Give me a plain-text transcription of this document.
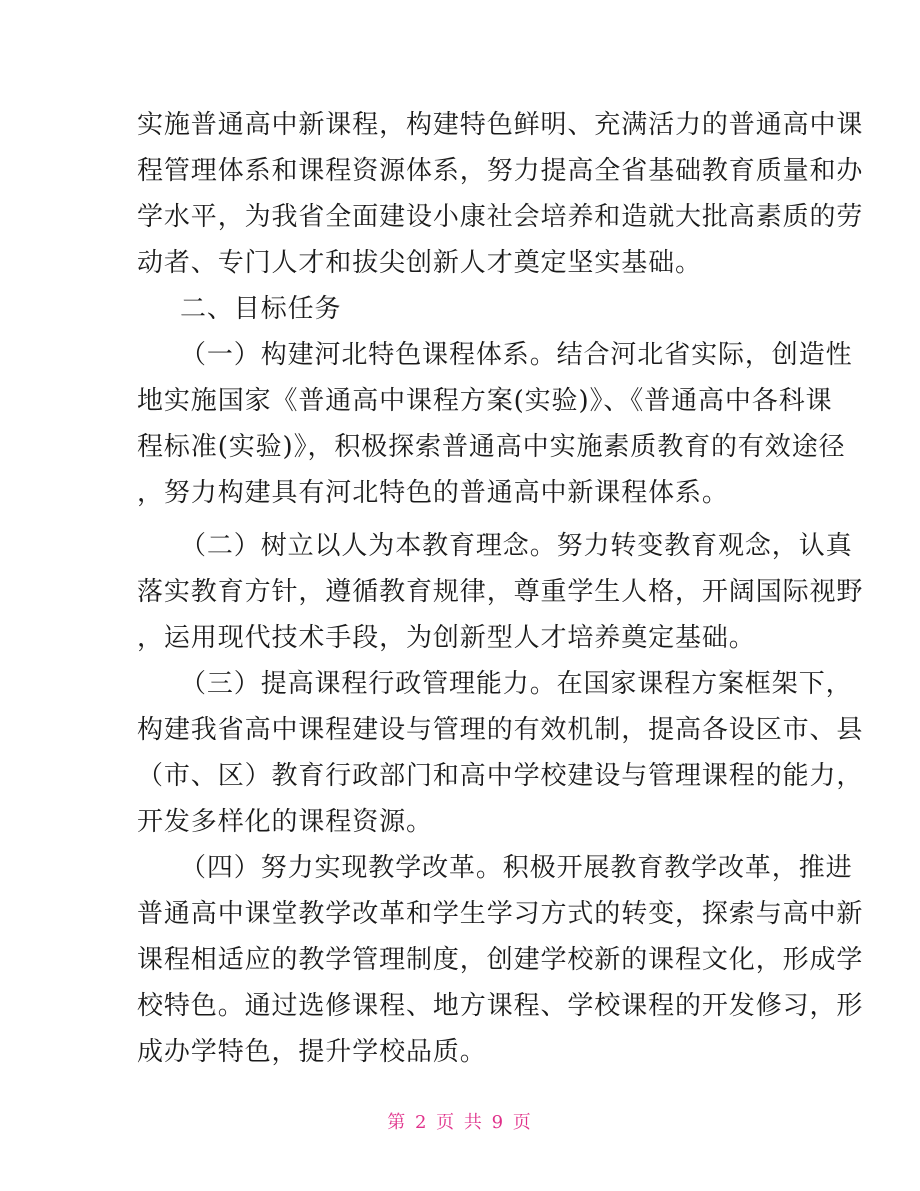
实施普通高中新课程，构建特色鲜明、充满活力的普通高中课
程管理体系和课程资源体系，努力提高全省基础教育质量和办
学水平，为我省全面建设小康社会培养和造就大批高素质的劳
动者、专门人才和拔尖创新人才奠定坚实基础。
二、目标任务
（一）构建河北特色课程体系。结合河北省实际，创造性
地实施国家《普通高中课程方案(实验)》、《普通高中各科课
程标准(实验)》，积极探索普通高中实施素质教育的有效途径
，努力构建具有河北特色的普通高中新课程体系。
（二）树立以人为本教育理念。努力转变教育观念，认真
落实教育方针，遵循教育规律，尊重学生人格，开阔国际视野
，运用现代技术手段，为创新型人才培养奠定基础。
（三）提高课程行政管理能力。在国家课程方案框架下，
构建我省高中课程建设与管理的有效机制，提高各设区市、县
（市、区）教育行政部门和高中学校建设与管理课程的能力，
开发多样化的课程资源。
（四）努力实现教学改革。积极开展教育教学改革，推进
普通高中课堂教学改革和学生学习方式的转变，探索与高中新
课程相适应的教学管理制度，创建学校新的课程文化，形成学
校特色。通过选修课程、地方课程、学校课程的开发修习，形
成办学特色，提升学校品质。
第 2 页 共 9 页
